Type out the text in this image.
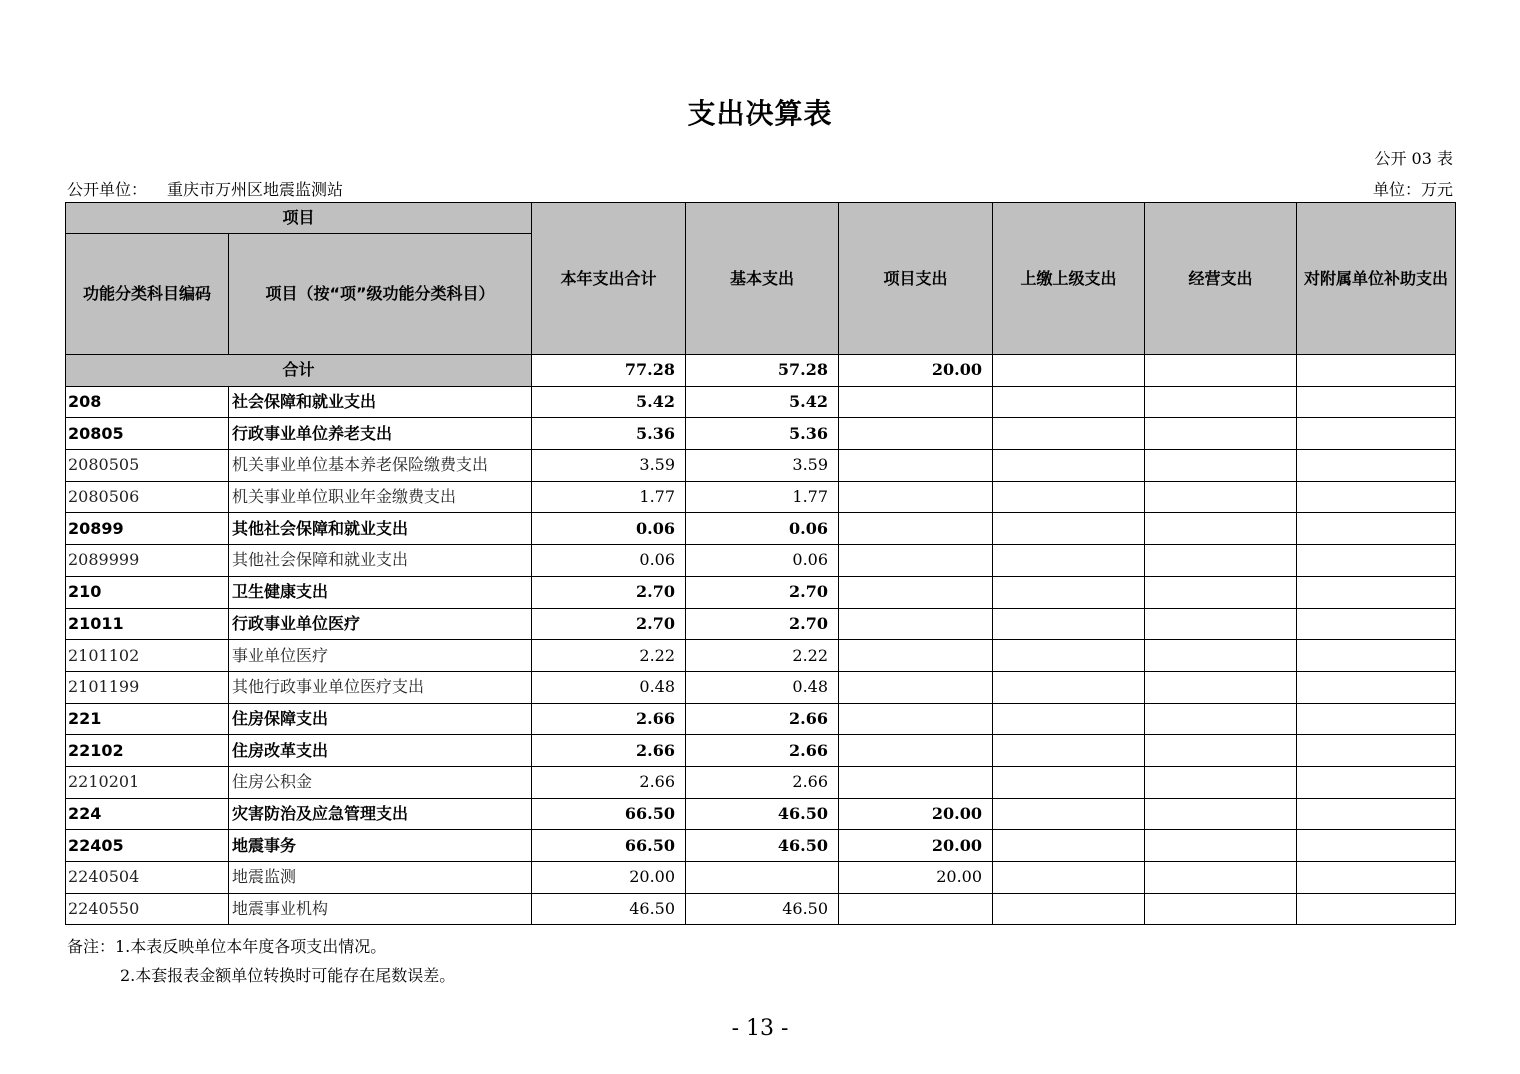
支出决算表
公开 03 表
公开单位： 重庆市万州区地震监测站	单位：万元
项目		本年支出合计	基本支出	项目支出	上缴上级支出	经营支出	对附属单位补助支出
功能分类科目编码	项目（按“项”级功能分类科目）						
合计		77.28	57.28	20.00			
208	社会保障和就业支出	5.42	5.42				
20805	行政事业单位养老支出	5.36	5.36				
2080505	机关事业单位基本养老保险缴费支出	3.59	3.59				
2080506	机关事业单位职业年金缴费支出	1.77	1.77				
20899	其他社会保障和就业支出	0.06	0.06				
2089999	其他社会保障和就业支出	0.06	0.06				
210	卫生健康支出	2.70	2.70				
21011	行政事业单位医疗	2.70	2.70				
2101102	事业单位医疗	2.22	2.22				
2101199	其他行政事业单位医疗支出	0.48	0.48				
221	住房保障支出	2.66	2.66				
22102	住房改革支出	2.66	2.66				
2210201	住房公积金	2.66	2.66				
224	灾害防治及应急管理支出	66.50	46.50	20.00			
22405	地震事务	66.50	46.50	20.00			
2240504	地震监测	20.00		20.00			
2240550	地震事业机构	46.50	46.50				
备注：1.本表反映单位本年度各项支出情况。
2.本套报表金额单位转换时可能存在尾数误差。
- 13 -
